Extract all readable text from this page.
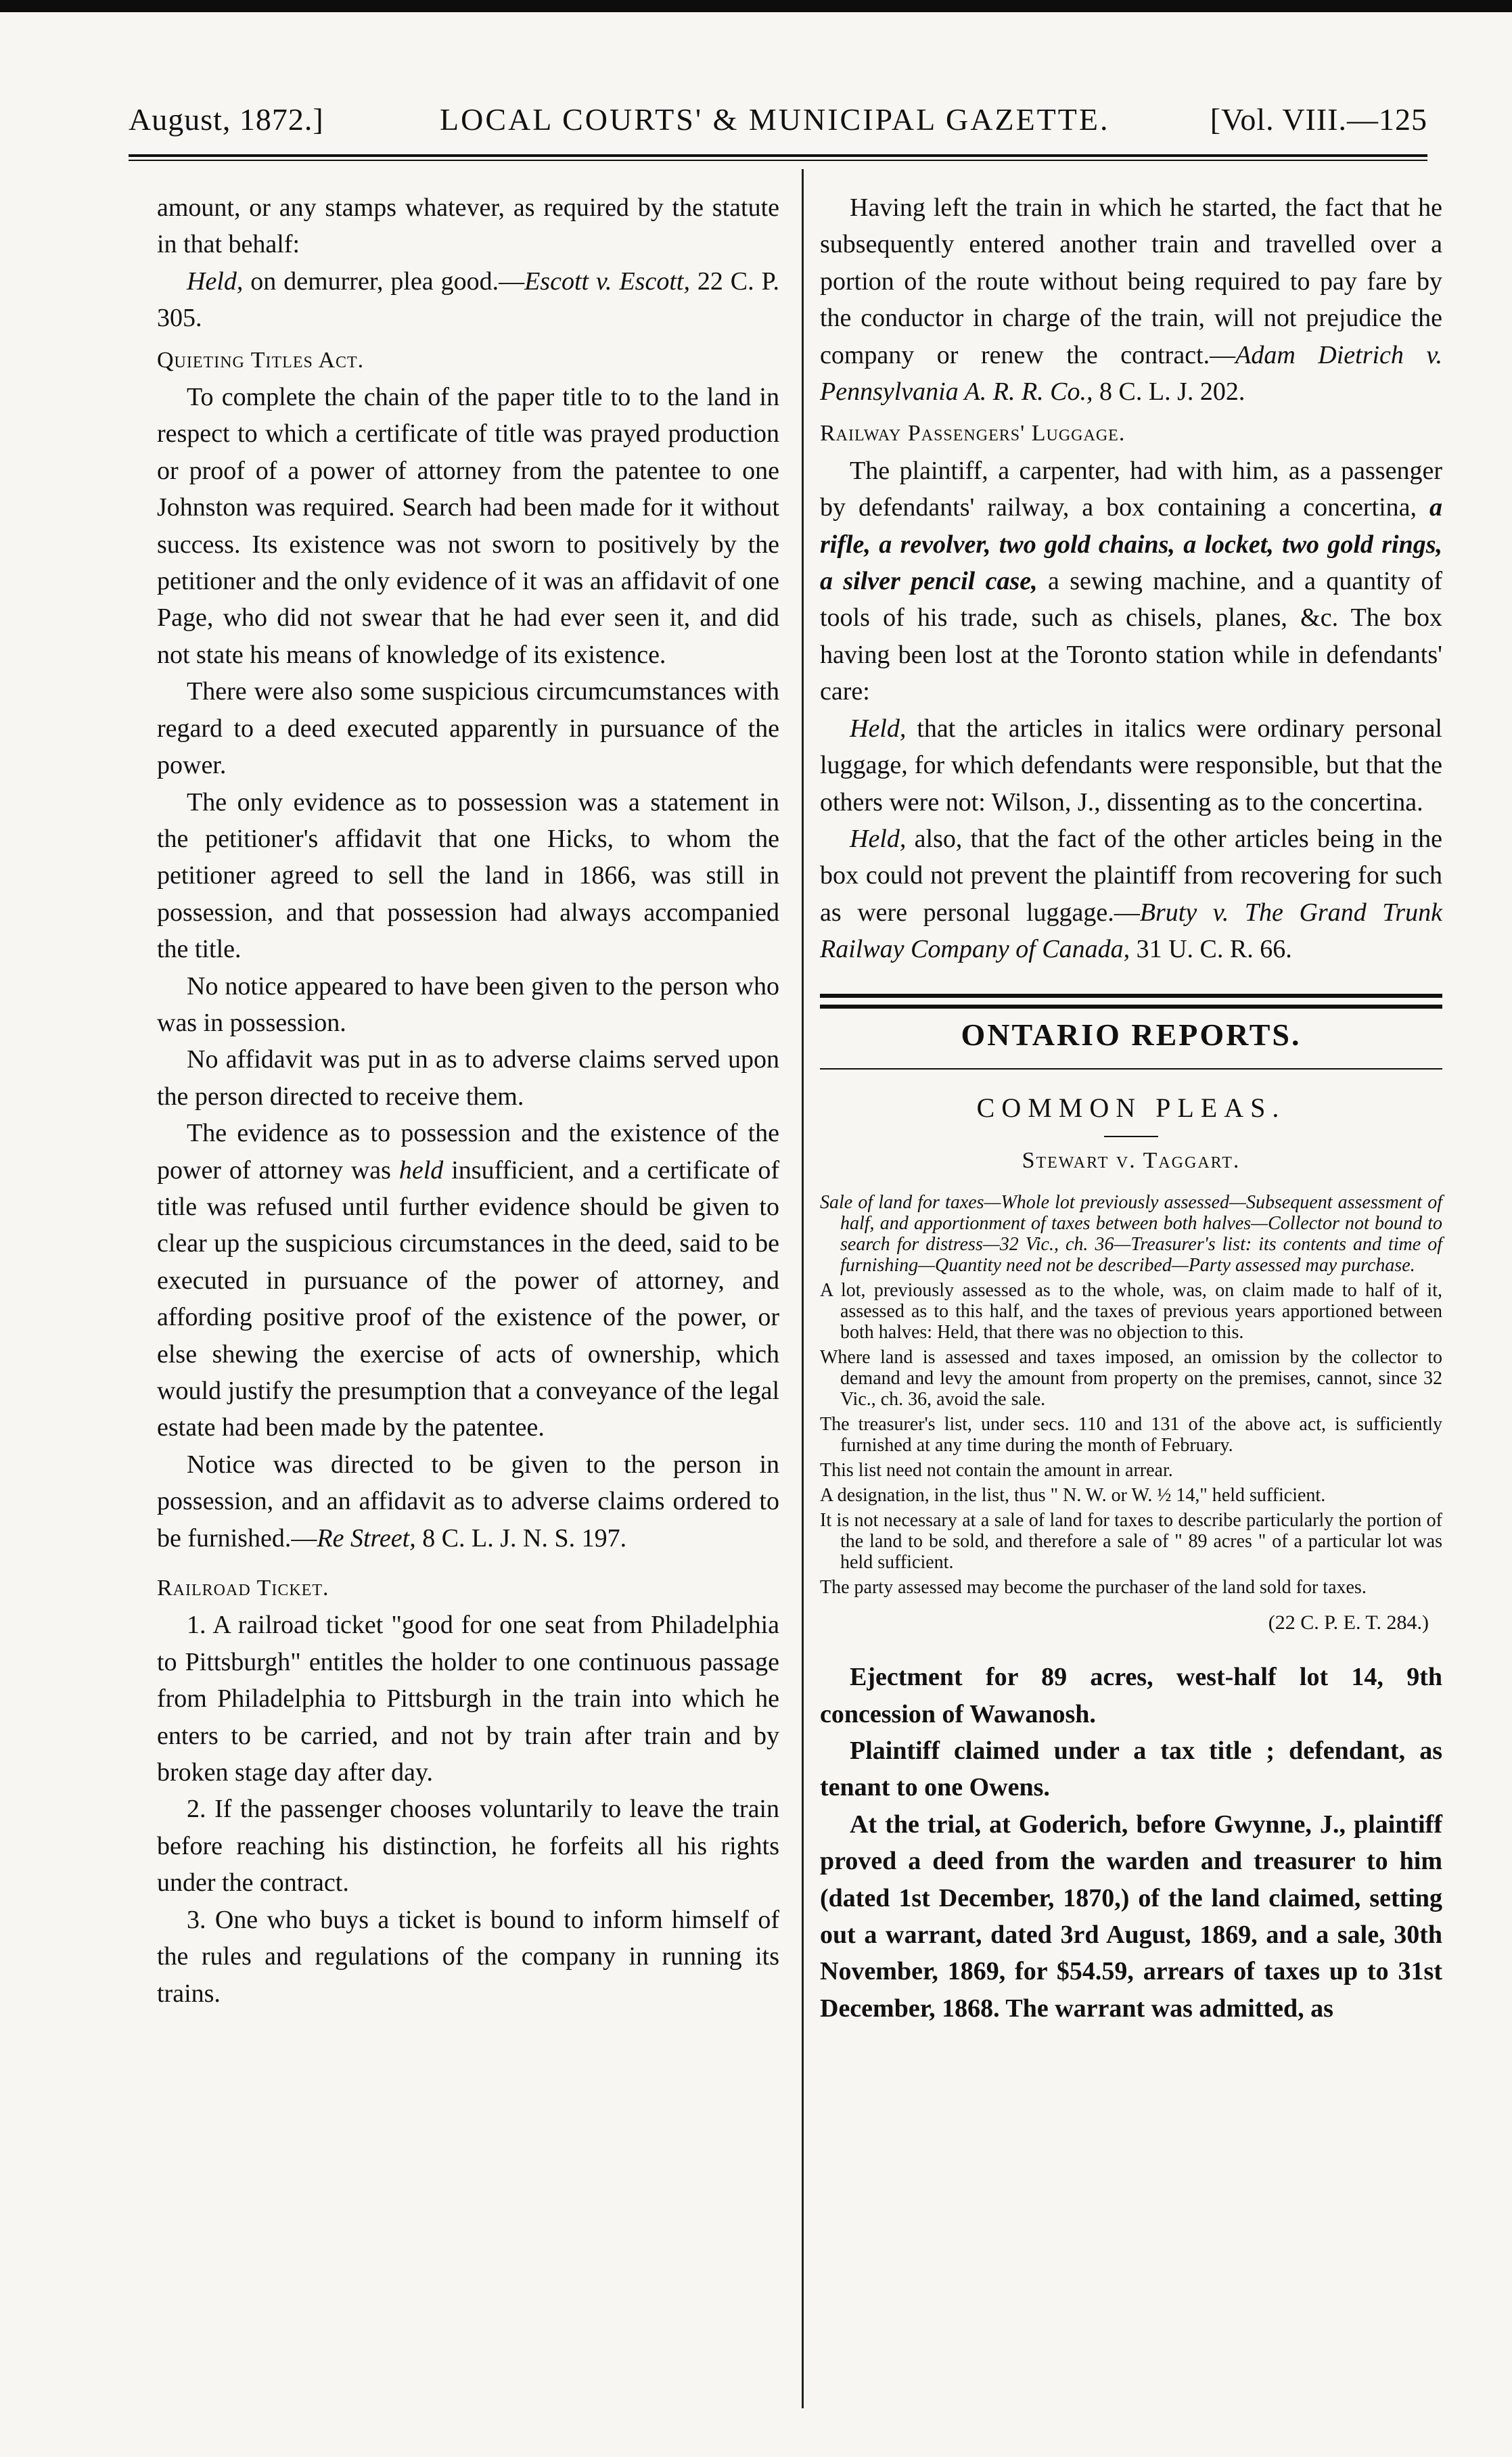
August, 1872.]	LOCAL COURTS' & MUNICIPAL GAZETTE.	[Vol. VIII.—125

amount, or any stamps whatever, as required by the statute in that behalf:

Held, on demurrer, plea good.—Escott v. Escott, 22 C. P. 305.

Quieting Titles Act.

To complete the chain of the paper title to to the land in respect to which a certificate of title was prayed production or proof of a power of attorney from the patentee to one Johnston was required. Search had been made for it without success. Its existence was not sworn to positively by the petitioner and the only evidence of it was an affidavit of one Page, who did not swear that he had ever seen it, and did not state his means of knowledge of its existence.

There were also some suspicious circumcumstances with regard to a deed executed apparently in pursuance of the power.

The only evidence as to possession was a statement in the petitioner's affidavit that one Hicks, to whom the petitioner agreed to sell the land in 1866, was still in possession, and that possession had always accompanied the title.

No notice appeared to have been given to the person who was in possession.

No affidavit was put in as to adverse claims served upon the person directed to receive them.

The evidence as to possession and the existence of the power of attorney was held insufficient, and a certificate of title was refused until further evidence should be given to clear up the suspicious circumstances in the deed, said to be executed in pursuance of the power of attorney, and affording positive proof of the existence of the power, or else shewing the exercise of acts of ownership, which would justify the presumption that a conveyance of the legal estate had been made by the patentee.

Notice was directed to be given to the person in possession, and an affidavit as to adverse claims ordered to be furnished.—Re Street, 8 C. L. J. N. S. 197.

Railroad Ticket.

1. A railroad ticket "good for one seat from Philadelphia to Pittsburgh" entitles the holder to one continuous passage from Philadelphia to Pittsburgh in the train into which he enters to be carried, and not by train after train and by broken stage day after day.

2. If the passenger chooses voluntarily to leave the train before reaching his distinction, he forfeits all his rights under the contract.

3. One who buys a ticket is bound to inform himself of the rules and regulations of the company in running its trains.

Having left the train in which he started, the fact that he subsequently entered another train and travelled over a portion of the route without being required to pay fare by the conductor in charge of the train, will not prejudice the company or renew the contract.—Adam Dietrich v. Pennsylvania A. R. R. Co., 8 C. L. J. 202.

Railway Passengers' Luggage.

The plaintiff, a carpenter, had with him, as a passenger by defendants' railway, a box containing a concertina, a rifle, a revolver, two gold chains, a locket, two gold rings, a silver pencil case, a sewing machine, and a quantity of tools of his trade, such as chisels, planes, &c. The box having been lost at the Toronto station while in defendants' care:

Held, that the articles in italics were ordinary personal luggage, for which defendants were responsible, but that the others were not: Wilson, J., dissenting as to the concertina.

Held, also, that the fact of the other articles being in the box could not prevent the plaintiff from recovering for such as were personal luggage.—Bruty v. The Grand Trunk Railway Company of Canada, 31 U. C. R. 66.

ONTARIO REPORTS.
COMMON PLEAS.
Stewart v. Taggart.

Sale of land for taxes—Whole lot previously assessed—Subsequent assessment of half, and apportionment of taxes between both halves—Collector not bound to search for distress—32 Vic., ch. 36—Treasurer's list: its contents and time of furnishing—Quantity need not be described—Party assessed may purchase.

A lot, previously assessed as to the whole, was, on claim made to half of it, assessed as to this half, and the taxes of previous years apportioned between both halves: Held, that there was no objection to this.

Where land is assessed and taxes imposed, an omission by the collector to demand and levy the amount from property on the premises, cannot, since 32 Vic., ch. 36, avoid the sale.

The treasurer's list, under secs. 110 and 131 of the above act, is sufficiently furnished at any time during the month of February.

This list need not contain the amount in arrear.

A designation, in the list, thus " N. W. or W. ½ 14," held sufficient.

It is not necessary at a sale of land for taxes to describe particularly the portion of the land to be sold, and therefore a sale of " 89 acres " of a particular lot was held sufficient.

The party assessed may become the purchaser of the land sold for taxes.

(22 C. P. E. T. 284.)

Ejectment for 89 acres, west-half lot 14, 9th concession of Wawanosh.

Plaintiff claimed under a tax title ; defendant, as tenant to one Owens.

At the trial, at Goderich, before Gwynne, J., plaintiff proved a deed from the warden and treasurer to him (dated 1st December, 1870,) of the land claimed, setting out a warrant, dated 3rd August, 1869, and a sale, 30th November, 1869, for $54.59, arrears of taxes up to 31st December, 1868. The warrant was admitted, as
